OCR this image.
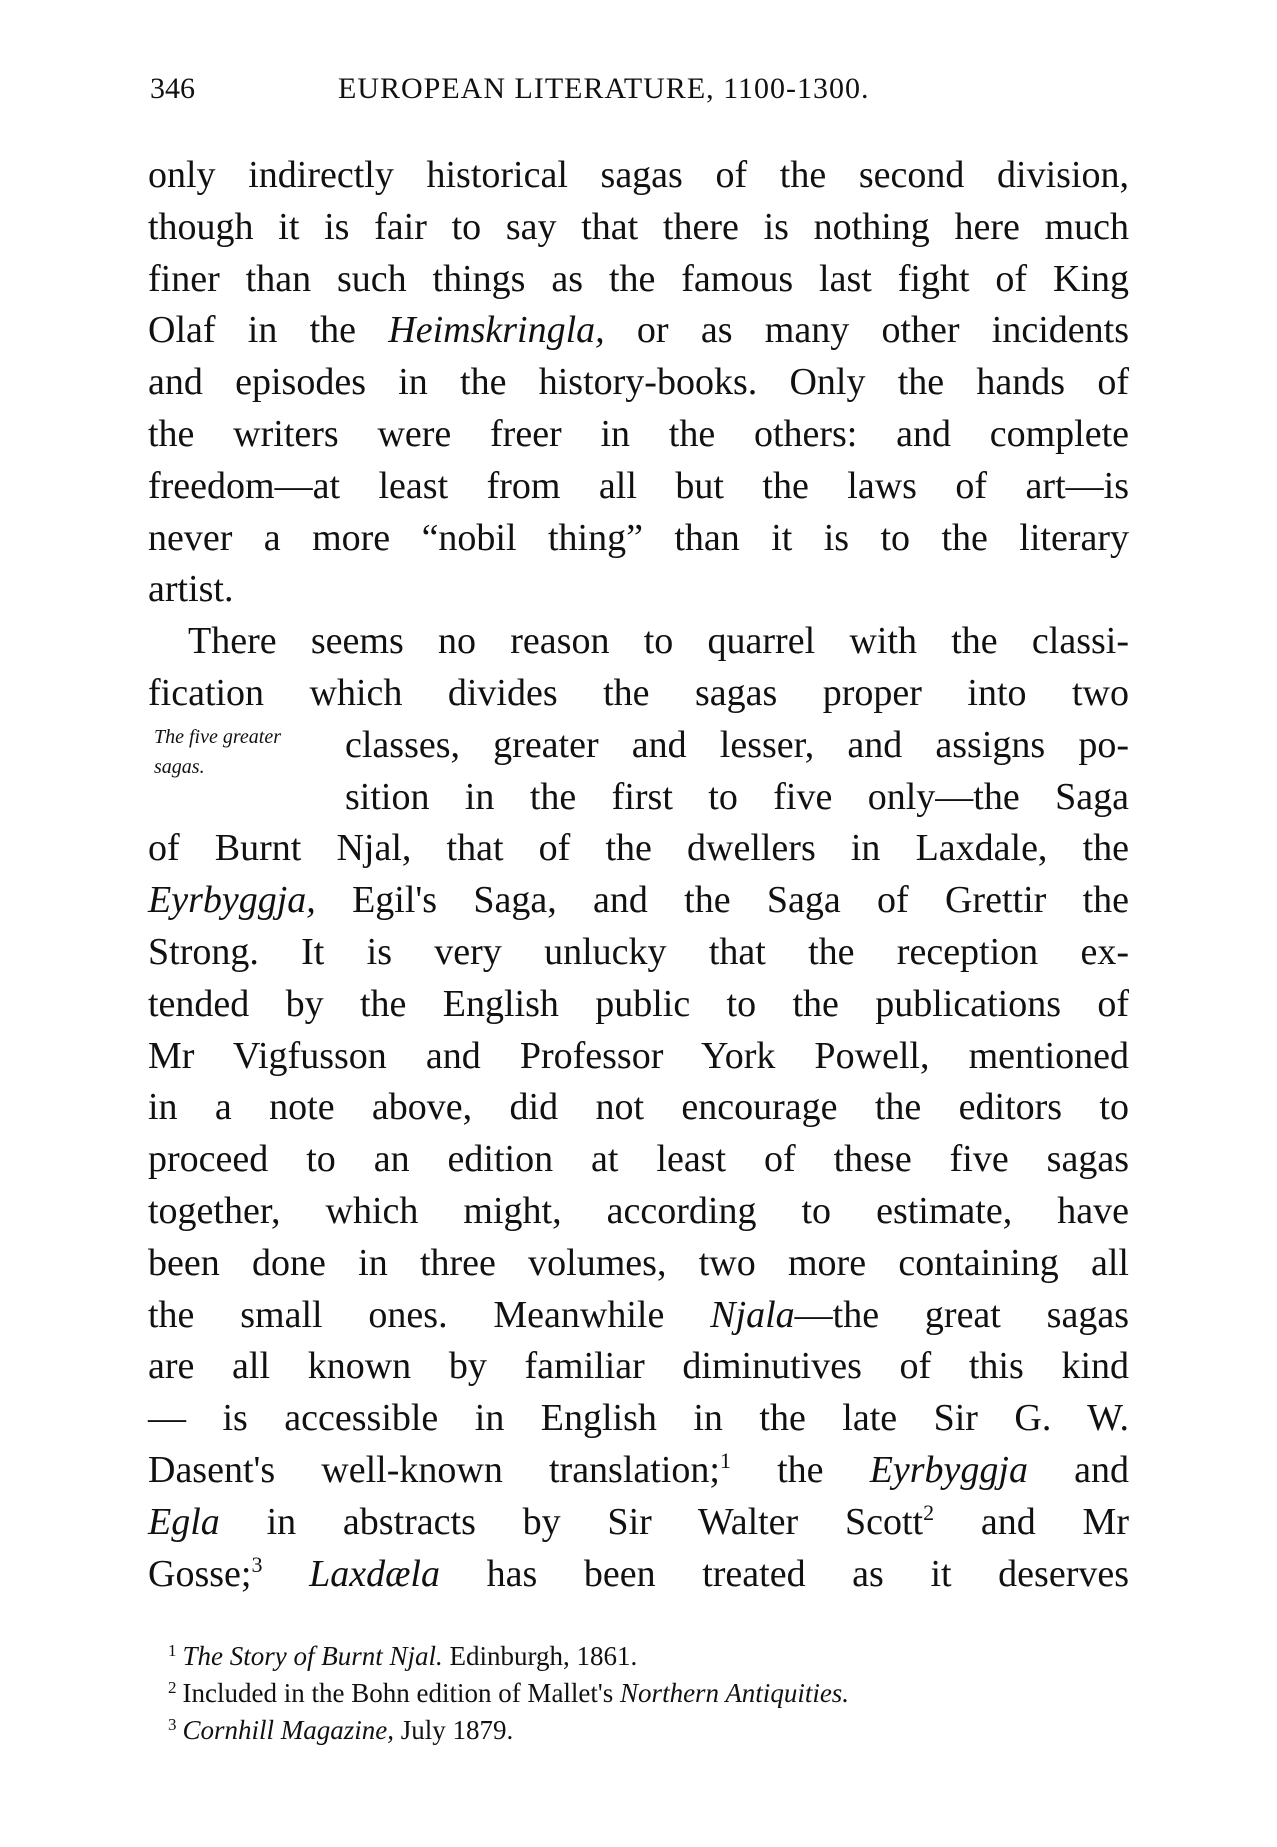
346	EUROPEAN LITERATURE, 1100-1300.
The five greater
sagas.
only indirectly historical sagas of the second division,
though it is fair to say that there is nothing here much
finer than such things as the famous last fight of King
Olaf in the Heimskringla, or as many other incidents
and episodes in the history-books. Only the hands of
the writers were freer in the others: and complete
freedom—at least from all but the laws of art—is
never a more “nobil thing” than it is to the literary
artist.
There seems no reason to quarrel with the classi-
fication which divides the sagas proper into two
classes, greater and lesser, and assigns po-
sition in the first to five only—the Saga
of Burnt Njal, that of the dwellers in Laxdale, the
Eyrbyggja, Egil's Saga, and the Saga of Grettir the
Strong. It is very unlucky that the reception ex-
tended by the English public to the publications of
Mr Vigfusson and Professor York Powell, mentioned
in a note above, did not encourage the editors to
proceed to an edition at least of these five sagas
together, which might, according to estimate, have
been done in three volumes, two more containing all
the small ones. Meanwhile Njala—the great sagas
are all known by familiar diminutives of this kind
— is accessible in English in the late Sir G. W.
Dasent's well-known translation;$^1$ the Eyrbyggja and
Egla in abstracts by Sir Walter Scott$^2$ and Mr
Gosse;$^3$ Laxdæla has been treated as it deserves
$^1$ The Story of Burnt Njal. Edinburgh, 1861.
$^2$ Included in the Bohn edition of Mallet's Northern Antiquities.
$^3$ Cornhill Magazine, July 1879.
